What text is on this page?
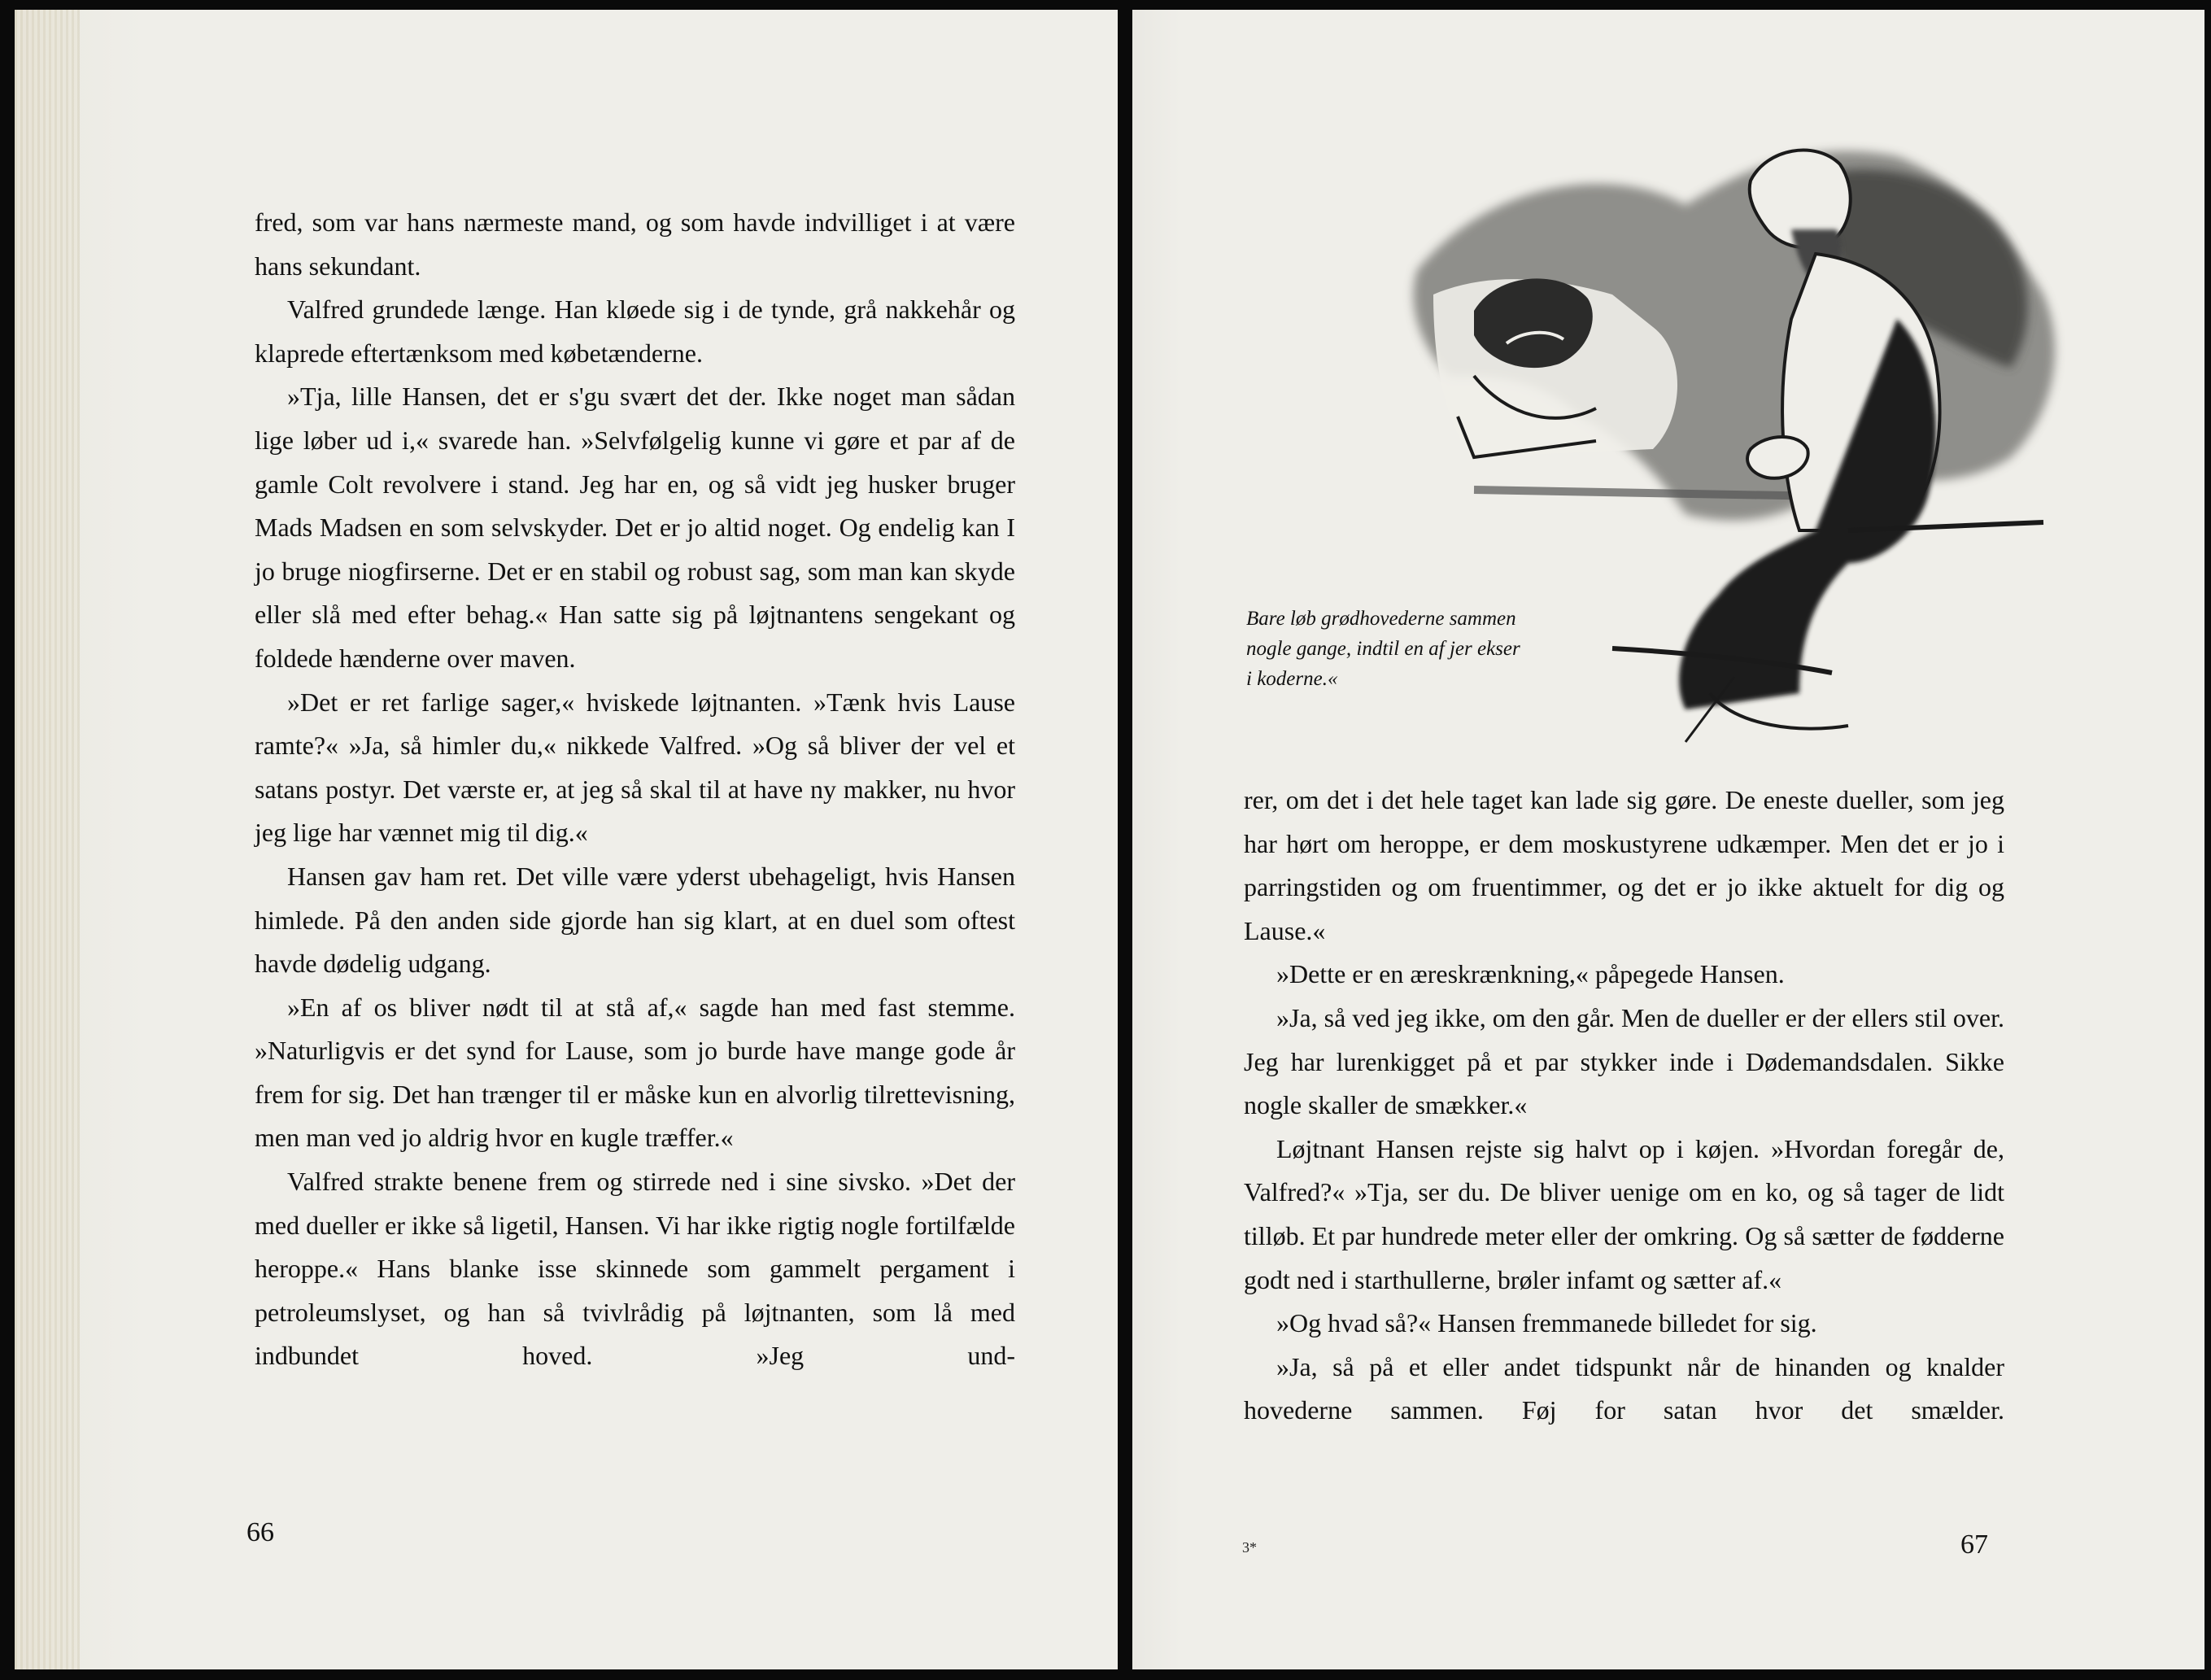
fred, som var hans nærmeste mand, og som havde indvilliget i at være hans sekundant.

Valfred grundede længe. Han kløede sig i de tynde, grå nakkehår og klaprede eftertænksom med købetænderne.

»Tja, lille Hansen, det er s'gu svært det der. Ikke noget man sådan lige løber ud i,« svarede han. »Selvfølgelig kunne vi gøre et par af de gamle Colt revolvere i stand. Jeg har en, og så vidt jeg husker bruger Mads Madsen en som selvskyder. Det er jo altid noget. Og endelig kan I jo bruge niogfirserne. Det er en stabil og robust sag, som man kan skyde eller slå med efter behag.« Han satte sig på løjtnantens sengekant og foldede hænderne over maven.

»Det er ret farlige sager,« hviskede løjtnanten. »Tænk hvis Lause ramte?« »Ja, så himler du,« nikkede Valfred. »Og så bliver der vel et satans postyr. Det værste er, at jeg så skal til at have ny makker, nu hvor jeg lige har vænnet mig til dig.«

Hansen gav ham ret. Det ville være yderst ubehageligt, hvis Hansen himlede. På den anden side gjorde han sig klart, at en duel som oftest havde dødelig udgang.

»En af os bliver nødt til at stå af,« sagde han med fast stemme. »Naturligvis er det synd for Lause, som jo burde have mange gode år frem for sig. Det han trænger til er måske kun en alvorlig tilrettevisning, men man ved jo aldrig hvor en kugle træffer.«

Valfred strakte benene frem og stirrede ned i sine sivsko. »Det der med dueller er ikke så ligetil, Hansen. Vi har ikke rigtig nogle fortilfælde heroppe.« Hans blanke isse skinnede som gammelt pergament i petroleumslyset, og han så tvivlrådig på løjtnanten, som lå med indbundet hoved. »Jeg und-

66
Bare løb grødhovederne sammen nogle gange, indtil en af jer ekser i koderne.«

rer, om det i det hele taget kan lade sig gøre. De eneste dueller, som jeg har hørt om heroppe, er dem moskustyrene udkæmper. Men det er jo i parringstiden og om fruentimmer, og det er jo ikke aktuelt for dig og Lause.«

»Dette er en æreskrænkning,« påpegede Hansen.

»Ja, så ved jeg ikke, om den går. Men de dueller er der ellers stil over. Jeg har lurenkigget på et par stykker inde i Dødemandsdalen. Sikke nogle skaller de smækker.«

Løjtnant Hansen rejste sig halvt op i køjen. »Hvordan foregår de, Valfred?« »Tja, ser du. De bliver uenige om en ko, og så tager de lidt tilløb. Et par hundrede meter eller der omkring. Og så sætter de fødderne godt ned i starthullerne, brøler infamt og sætter af.«

»Og hvad så?« Hansen fremmanede billedet for sig.

»Ja, så på et eller andet tidspunkt når de hinanden og knalder hovederne sammen. Føj for satan hvor det smælder.

3*	67
